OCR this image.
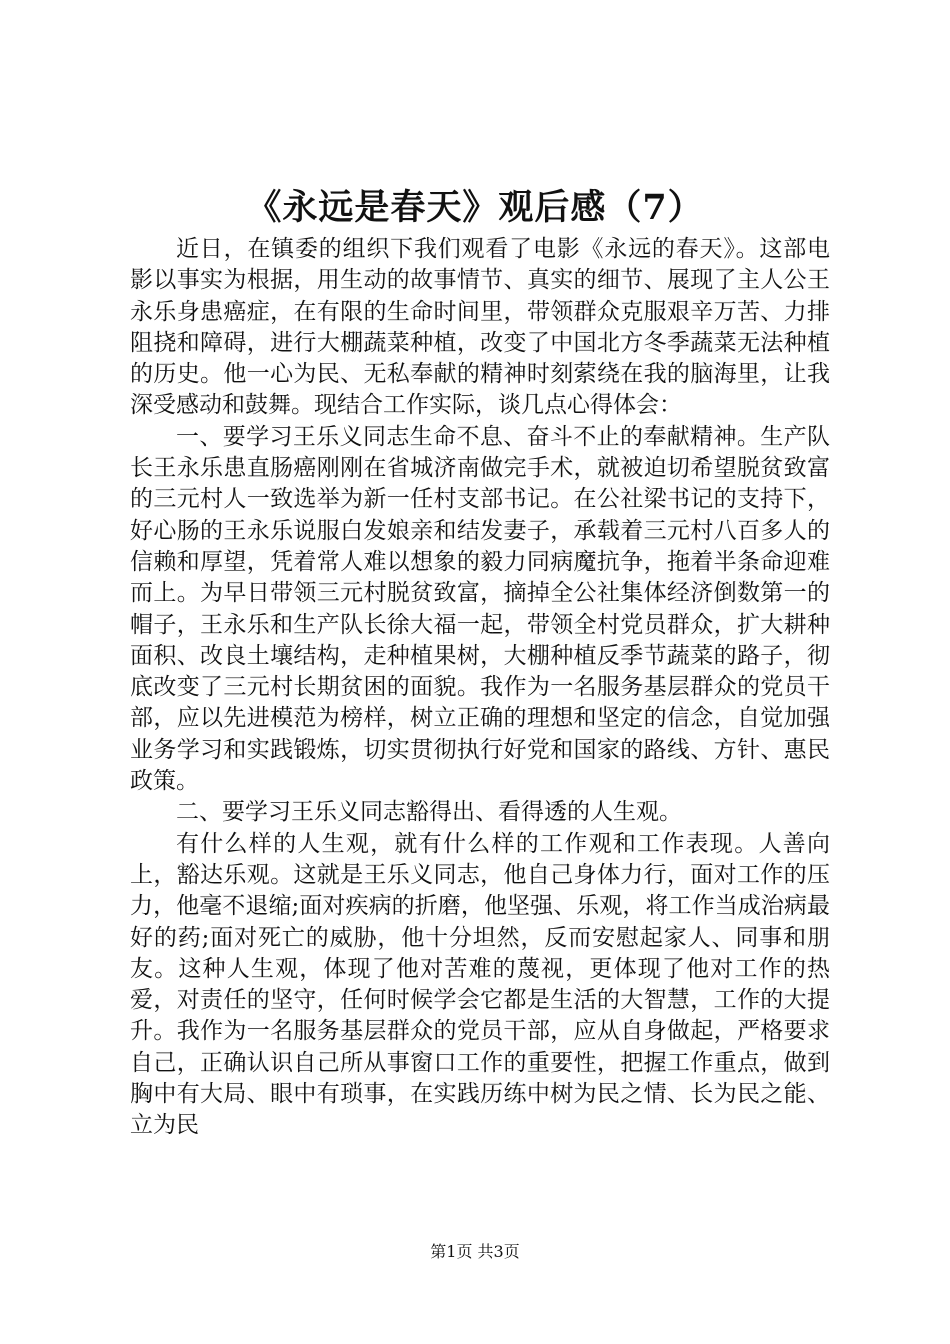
《永远是春天》观后感（7）

近日，在镇委的组织下我们观看了电影《永远的春天》。这部电影以事实为根据，用生动的故事情节、真实的细节、展现了主人公王永乐身患癌症，在有限的生命时间里，带领群众克服艰辛万苦、力排阻挠和障碍，进行大棚蔬菜种植，改变了中国北方冬季蔬菜无法种植的历史。他一心为民、无私奉献的精神时刻萦绕在我的脑海里，让我深受感动和鼓舞。现结合工作实际，谈几点心得体会：

一、要学习王乐义同志生命不息、奋斗不止的奉献精神。生产队长王永乐患直肠癌刚刚在省城济南做完手术，就被迫切希望脱贫致富的三元村人一致选举为新一任村支部书记。在公社梁书记的支持下，好心肠的王永乐说服白发娘亲和结发妻子，承载着三元村八百多人的信赖和厚望，凭着常人难以想象的毅力同病魔抗争，拖着半条命迎难而上。为早日带领三元村脱贫致富，摘掉全公社集体经济倒数第一的帽子，王永乐和生产队长徐大福一起，带领全村党员群众，扩大耕种面积、改良土壤结构，走种植果树，大棚种植反季节蔬菜的路子，彻底改变了三元村长期贫困的面貌。我作为一名服务基层群众的党员干部，应以先进模范为榜样，树立正确的理想和坚定的信念，自觉加强业务学习和实践锻炼，切实贯彻执行好党和国家的路线、方针、惠民政策。

二、要学习王乐义同志豁得出、看得透的人生观。

有什么样的人生观，就有什么样的工作观和工作表现。人善向上，豁达乐观。这就是王乐义同志，他自己身体力行，面对工作的压力，他毫不退缩;面对疾病的折磨，他坚强、乐观，将工作当成治病最好的药;面对死亡的威胁，他十分坦然，反而安慰起家人、同事和朋友。这种人生观，体现了他对苦难的蔑视，更体现了他对工作的热爱，对责任的坚守，任何时候学会它都是生活的大智慧，工作的大提升。我作为一名服务基层群众的党员干部，应从自身做起，严格要求自己，正确认识自己所从事窗口工作的重要性，把握工作重点，做到胸中有大局、眼中有琐事，在实践历练中树为民之情、长为民之能、立为民

第1页 共3页
